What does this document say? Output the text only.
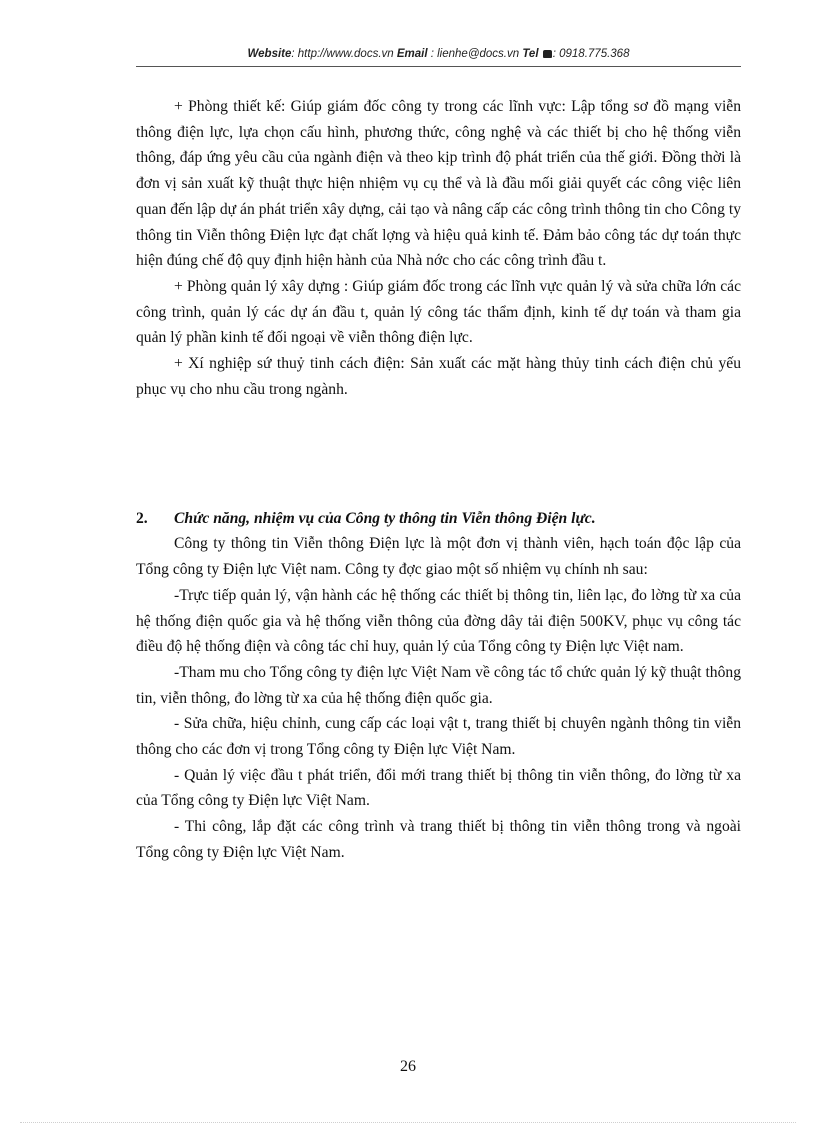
Website: http://www.docs.vn Email : lienhe@docs.vn Tel : 0918.775.368

+ Phòng thiết kế: Giúp giám đốc công ty trong các lĩnh vực: Lập tổng sơ đồ mạng viễn thông điện lực, lựa chọn cấu hình, phương thức, công nghệ và các thiết bị cho hệ thống viễn thông, đáp ứng yêu cầu của ngành điện và theo kịp trình độ phát triển của thế giới. Đồng thời là đơn vị sản xuất kỹ thuật thực hiện nhiệm vụ cụ thể và là đầu mối giải quyết các công việc liên quan đến lập dự án phát triển xây dựng, cải tạo và nâng cấp các công trình thông tin cho Công ty thông tin Viễn thông Điện lực đạt chất lợng và hiệu quả kinh tế. Đảm bảo công tác dự toán thực hiện đúng chế độ quy định hiện hành của Nhà nớc cho các công trình đầu t.

+ Phòng quản lý xây dựng : Giúp giám đốc trong các lĩnh vực quản lý và sửa chữa lớn các công trình, quản lý các dự án đầu t, quản lý công tác thẩm định, kinh tế dự toán và tham gia quản lý phần kinh tế đối ngoại về viễn thông điện lực.

+ Xí nghiệp sứ thuỷ tinh cách điện: Sản xuất các mặt hàng thủy tinh cách điện chủ yếu phục vụ cho nhu cầu trong ngành.

2.	Chức năng, nhiệm vụ của Công ty thông tin Viễn thông Điện lực.

Công ty thông tin Viễn thông Điện lực là một đơn vị thành viên, hạch toán độc lập của Tổng công ty Điện lực Việt nam. Công ty đợc giao một số nhiệm vụ chính nh sau:

-Trực tiếp quản lý, vận hành các hệ thống các thiết bị thông tin, liên lạc, đo lờng từ xa của hệ thống điện quốc gia và hệ thống viễn thông của đờng dây tải điện 500KV, phục vụ công tác điều độ hệ thống điện và công tác chỉ huy, quản lý của Tổng công ty Điện lực Việt nam.

-Tham mu cho Tổng công ty điện lực Việt Nam về công tác tổ chức quản lý kỹ thuật thông tin, viễn thông, đo lờng từ xa của hệ thống điện quốc gia.

- Sửa chữa, hiệu chỉnh, cung cấp các loại vật t, trang thiết bị chuyên ngành thông tin viễn thông cho các đơn vị trong Tổng công ty Điện lực Việt Nam.

- Quản lý việc đầu t phát triển, đổi mới trang thiết bị thông tin viễn thông, đo lờng từ xa của Tổng công ty Điện lực Việt Nam.

- Thi công, lắp đặt các công trình và trang thiết bị thông tin viễn thông trong và ngoài Tổng công ty Điện lực Việt Nam.

26
